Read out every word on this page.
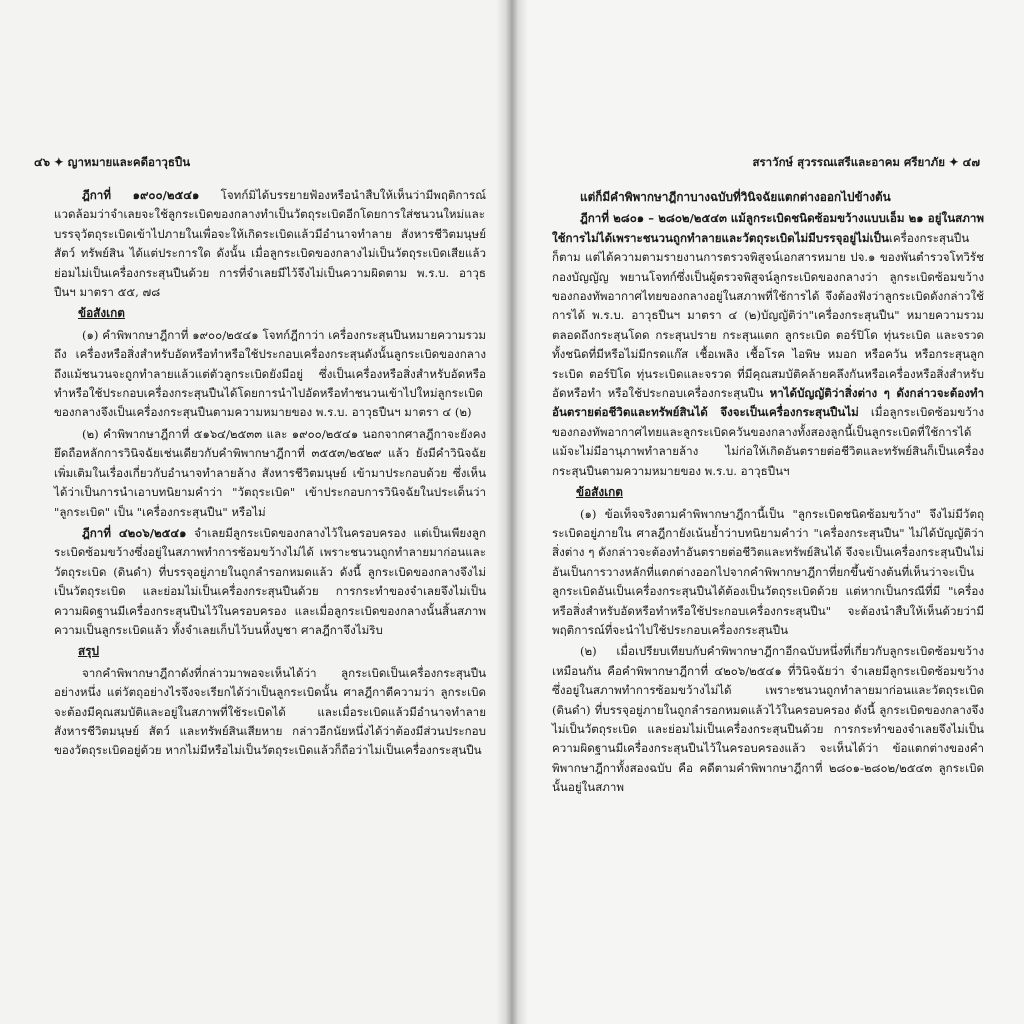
๔๖ ✦ ญาหมายและคดีอาวุธปืน

ฎีกาที่ ๑๙๐๐/๒๕๔๑ โจทก์มิได้บรรยายฟ้องหรือนำสืบให้เห็นว่ามีพฤติการณ์แวดล้อมว่าจำเลยจะใช้ลูกระเบิดของกลางทำเป็นวัตถุระเบิดอีกโดยการใส่ชนวนใหม่และบรรจุวัตถุระเบิดเข้าไปภายในเพื่อจะให้เกิดระเบิดแล้วมีอำนาจทำลาย สังหารชีวิตมนุษย์ สัตว์ ทรัพย์สิน ได้แต่ประการใด ดังนั้น เมื่อลูกระเบิดของกลางไม่เป็นวัตถุระเบิดเสียแล้ว ย่อมไม่เป็นเครื่องกระสุนปืนด้วย การที่จำเลยมีไว้จึงไม่เป็นความผิดตาม พ.ร.บ. อาวุธปืนฯ มาตรา ๕๕, ๗๘

ข้อสังเกต

(๑) คำพิพากษาฎีกาที่ ๑๙๐๐/๒๕๔๑ โจทก์ฎีกาว่า เครื่องกระสุนปืนหมายความรวมถึง เครื่องหรือสิ่งสำหรับอัดหรือทำหรือใช้ประกอบเครื่องกระสุนดังนั้นลูกระเบิดของกลางถึงแม้ชนวนจะถูกทำลายแล้วแต่ตัวลูกระเบิดยังมีอยู่ ซึ่งเป็นเครื่องหรือสิ่งสำหรับอัดหรือทำหรือใช้ประกอบเครื่องกระสุนปืนได้โดยการนำไปอัดหรือทำชนวนเข้าไปใหม่ลูกระเบิดของกลางจึงเป็นเครื่องกระสุนปืนตามความหมายของ พ.ร.บ. อาวุธปืนฯ มาตรา ๔ (๒)

(๒) คำพิพากษาฎีกาที่ ๕๑๖๔/๒๕๓๓ และ ๑๙๐๐/๒๕๔๑ นอกจากศาลฎีกาจะยังคงยึดถือหลักการวินิจฉัยเช่นเดียวกับคำพิพากษาฎีกาที่ ๓๕๕๓/๒๕๒๙ แล้ว ยังมีคำวินิจฉัยเพิ่มเติมในเรื่องเกี่ยวกับอำนาจทำลายล้าง สังหารชีวิตมนุษย์ เข้ามาประกอบด้วย ซึ่งเห็นได้ว่าเป็นการนำเอาบทนิยามคำว่า "วัตถุระเบิด" เข้าประกอบการวินิจฉัยในประเด็นว่า "ลูกระเบิด" เป็น "เครื่องกระสุนปืน" หรือไม่

ฎีกาที่ ๔๒๐๖/๒๕๔๑ จำเลยมีลูกระเบิดของกลางไว้ในครอบครอง แต่เป็นเพียงลูกระเบิดซ้อมขว้างซึ่งอยู่ในสภาพทำการซ้อมขว้างไม่ได้ เพราะชนวนถูกทำลายมาก่อนและวัตถุระเบิด (ดินดำ) ที่บรรจุอยู่ภายในถูกลำรอกหมดแล้ว ดังนี้ ลูกระเบิดของกลางจึงไม่เป็นวัตถุระเบิด และย่อมไม่เป็นเครื่องกระสุนปืนด้วย การกระทำของจำเลยจึงไม่เป็นความผิดฐานมีเครื่องกระสุนปืนไว้ในครอบครอง และเมื่อลูกระเบิดของกลางนั้นสิ้นสภาพความเป็นลูกระเบิดแล้ว ทั้งจำเลยเก็บไว้บนหิ้งบูชา ศาลฎีกาจึงไม่ริบ

สรุป

จากคำพิพากษาฎีกาดังที่กล่าวมาพอจะเห็นได้ว่า ลูกระเบิดเป็นเครื่องกระสุนปืนอย่างหนึ่ง แต่วัตถุอย่างไรจึงจะเรียกได้ว่าเป็นลูกระเบิดนั้น ศาลฎีกาตีความว่า ลูกระเบิดจะต้องมีคุณสมบัติและอยู่ในสภาพที่ใช้ระเบิดได้ และเมื่อระเบิดแล้วมีอำนาจทำลายสังหารชีวิตมนุษย์ สัตว์ และทรัพย์สินเสียหาย กล่าวอีกนัยหนึ่งได้ว่าต้องมีส่วนประกอบของวัตถุระเบิดอยู่ด้วย หากไม่มีหรือไม่เป็นวัตถุระเบิดแล้วก็ถือว่าไม่เป็นเครื่องกระสุนปืน

สราวักษ์ สุวรรณเสรีและอาคม ศรียาภัย ✦ ๔๗
แต่ก็มีคำพิพากษาฎีกาบางฉบับที่วินิจฉัยแตกต่างออกไปข้างต้น

ฎีกาที่ ๒๘๐๑ – ๒๘๐๒/๒๕๔๓ แม้ลูกระเบิดชนิดซ้อมขว้างแบบเอ็ม ๒๑ อยู่ในสภาพใช้การไม่ได้เพราะชนวนถูกทำลายและวัตถุระเบิดไม่มีบรรจุอยู่ไม่เป็นเครื่องกระสุนปืนก็ตาม แต่ได้ความตามรายงานการตรวจพิสูจน์เอกสารหมาย ปจ.๑ ของพันตำรวจโทวิรัช กองบัญญัญ พยานโจทก์ซึ่งเป็นผู้ตรวจพิสูจน์ลูกระเบิดของกลางว่า ลูกระเบิดซ้อมขว้างของกองทัพอากาศไทยของกลางอยู่ในสภาพที่ใช้การได้ จึงต้องฟังว่าลูกระเบิดดังกล่าวใช้การได้ พ.ร.บ. อาวุธปืนฯ มาตรา ๔ (๒)บัญญัติว่า"เครื่องกระสุนปืน" หมายความรวมตลอดถึงกระสุนโดด กระสุนปราย กระสุนแตก ลูกระเบิด ตอร์ปิโด ทุ่นระเบิด และจรวดทั้งชนิดที่มีหรือไม่มีกรดแก๊ส เชื้อเพลิง เชื้อโรค ไอพิษ หมอก หรือควัน หรือกระสุนลูกระเบิด ตอร์ปิโด ทุ่นระเบิดและจรวด ที่มีคุณสมบัติคล้ายคลึงกันหรือเครื่องหรือสิ่งสำหรับอัดหรือทำ หรือใช้ประกอบเครื่องกระสุนปืน หาได้บัญญัติว่าสิ่งต่าง ๆ ดังกล่าวจะต้องทำอันตรายต่อชีวิตและทรัพย์สินได้ จึงจะเป็นเครื่องกระสุนปืนไม่ เมื่อลูกระเบิดซ้อมขว้างของกองทัพอากาศไทยและลูกระเบิดควันของกลางทั้งสองลูกนี้เป็นลูกระเบิดที่ใช้การได้แม้จะไม่มีอานุภาพทำลายล้าง ไม่ก่อให้เกิดอันตรายต่อชีวิตและทรัพย์สินก็เป็นเครื่องกระสุนปืนตามความหมายของ พ.ร.บ. อาวุธปืนฯ

ข้อสังเกต

(๑) ข้อเท็จจริงตามคำพิพากษาฎีกานี้เป็น "ลูกระเบิดชนิดซ้อมขว้าง" จึงไม่มีวัตถุระเบิดอยู่ภายใน ศาลฎีกายังเน้นย้ำว่าบทนิยามคำว่า "เครื่องกระสุนปืน" ไม่ได้บัญญัติว่าสิ่งต่าง ๆ ดังกล่าวจะต้องทำอันตรายต่อชีวิตและทรัพย์สินได้ จึงจะเป็นเครื่องกระสุนปืนไม่ อันเป็นการวางหลักที่แตกต่างออกไปจากคำพิพากษาฎีกาที่ยกขึ้นข้างต้นที่เห็นว่าจะเป็นลูกระเบิดอันเป็นเครื่องกระสุนปืนได้ต้องเป็นวัตถุระเบิดด้วย แต่หากเป็นกรณีที่มี "เครื่องหรือสิ่งสำหรับอัดหรือทำหรือใช้ประกอบเครื่องกระสุนปืน" จะต้องนำสืบให้เห็นด้วยว่ามีพฤติการณ์ที่จะนำไปใช้ประกอบเครื่องกระสุนปืน

(๒) เมื่อเปรียบเทียบกับคำพิพากษาฎีกาอีกฉบับหนึ่งที่เกี่ยวกับลูกระเบิดซ้อมขว้างเหมือนกัน คือคำพิพากษาฎีกาที่ ๔๒๐๖/๒๕๔๑ ที่วินิจฉัยว่า จำเลยมีลูกระเบิดซ้อมขว้างซึ่งอยู่ในสภาพทำการซ้อมขว้างไม่ได้ เพราะชนวนถูกทำลายมาก่อนและวัตถุระเบิด (ดินดำ) ที่บรรจุอยู่ภายในถูกลำรอกหมดแล้วไว้ในครอบครอง ดังนี้ ลูกระเบิดของกลางจึงไม่เป็นวัตถุระเบิด และย่อมไม่เป็นเครื่องกระสุนปืนด้วย การกระทำของจำเลยจึงไม่เป็นความผิดฐานมีเครื่องกระสุนปืนไว้ในครอบครองแล้ว จะเห็นได้ว่า ข้อแตกต่างของคำพิพากษาฎีกาทั้งสองฉบับ คือ คดีตามคำพิพากษาฎีกาที่ ๒๘๐๑-๒๘๐๒/๒๕๔๓ ลูกระเบิดนั้นอยู่ในสภาพ
